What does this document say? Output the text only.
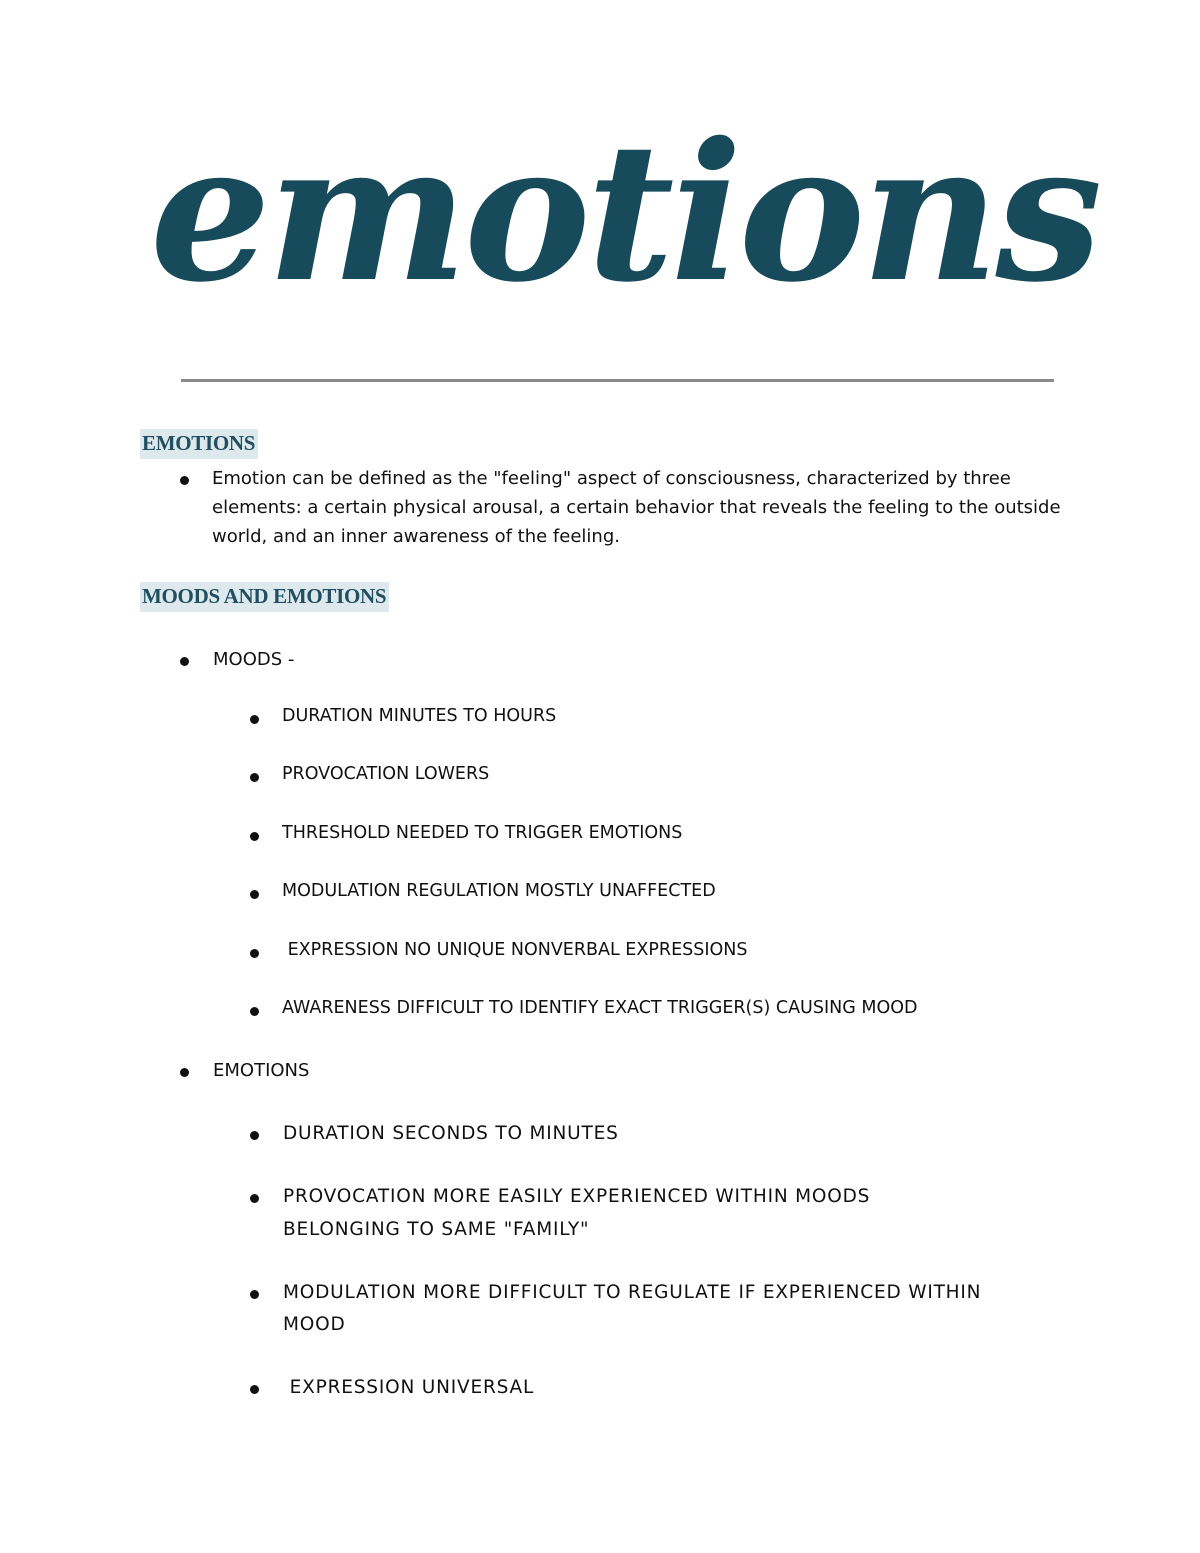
emotions
EMOTIONS
Emotion can be defined as the "feeling" aspect of consciousness, characterized by three elements: a certain physical arousal, a certain behavior that reveals the feeling to the outside world, and an inner awareness of the feeling.
MOODS AND EMOTIONS
MOODS -
DURATION MINUTES TO HOURS
PROVOCATION LOWERS
THRESHOLD NEEDED TO TRIGGER EMOTIONS
MODULATION REGULATION MOSTLY UNAFFECTED
EXPRESSION NO UNIQUE NONVERBAL EXPRESSIONS
AWARENESS DIFFICULT TO IDENTIFY EXACT TRIGGER(S) CAUSING MOOD
EMOTIONS
DURATION SECONDS TO MINUTES
PROVOCATION MORE EASILY EXPERIENCED WITHIN MOODS
BELONGING TO SAME "FAMILY"
MODULATION MORE DIFFICULT TO REGULATE IF EXPERIENCED WITHIN
MOOD
EXPRESSION UNIVERSAL
